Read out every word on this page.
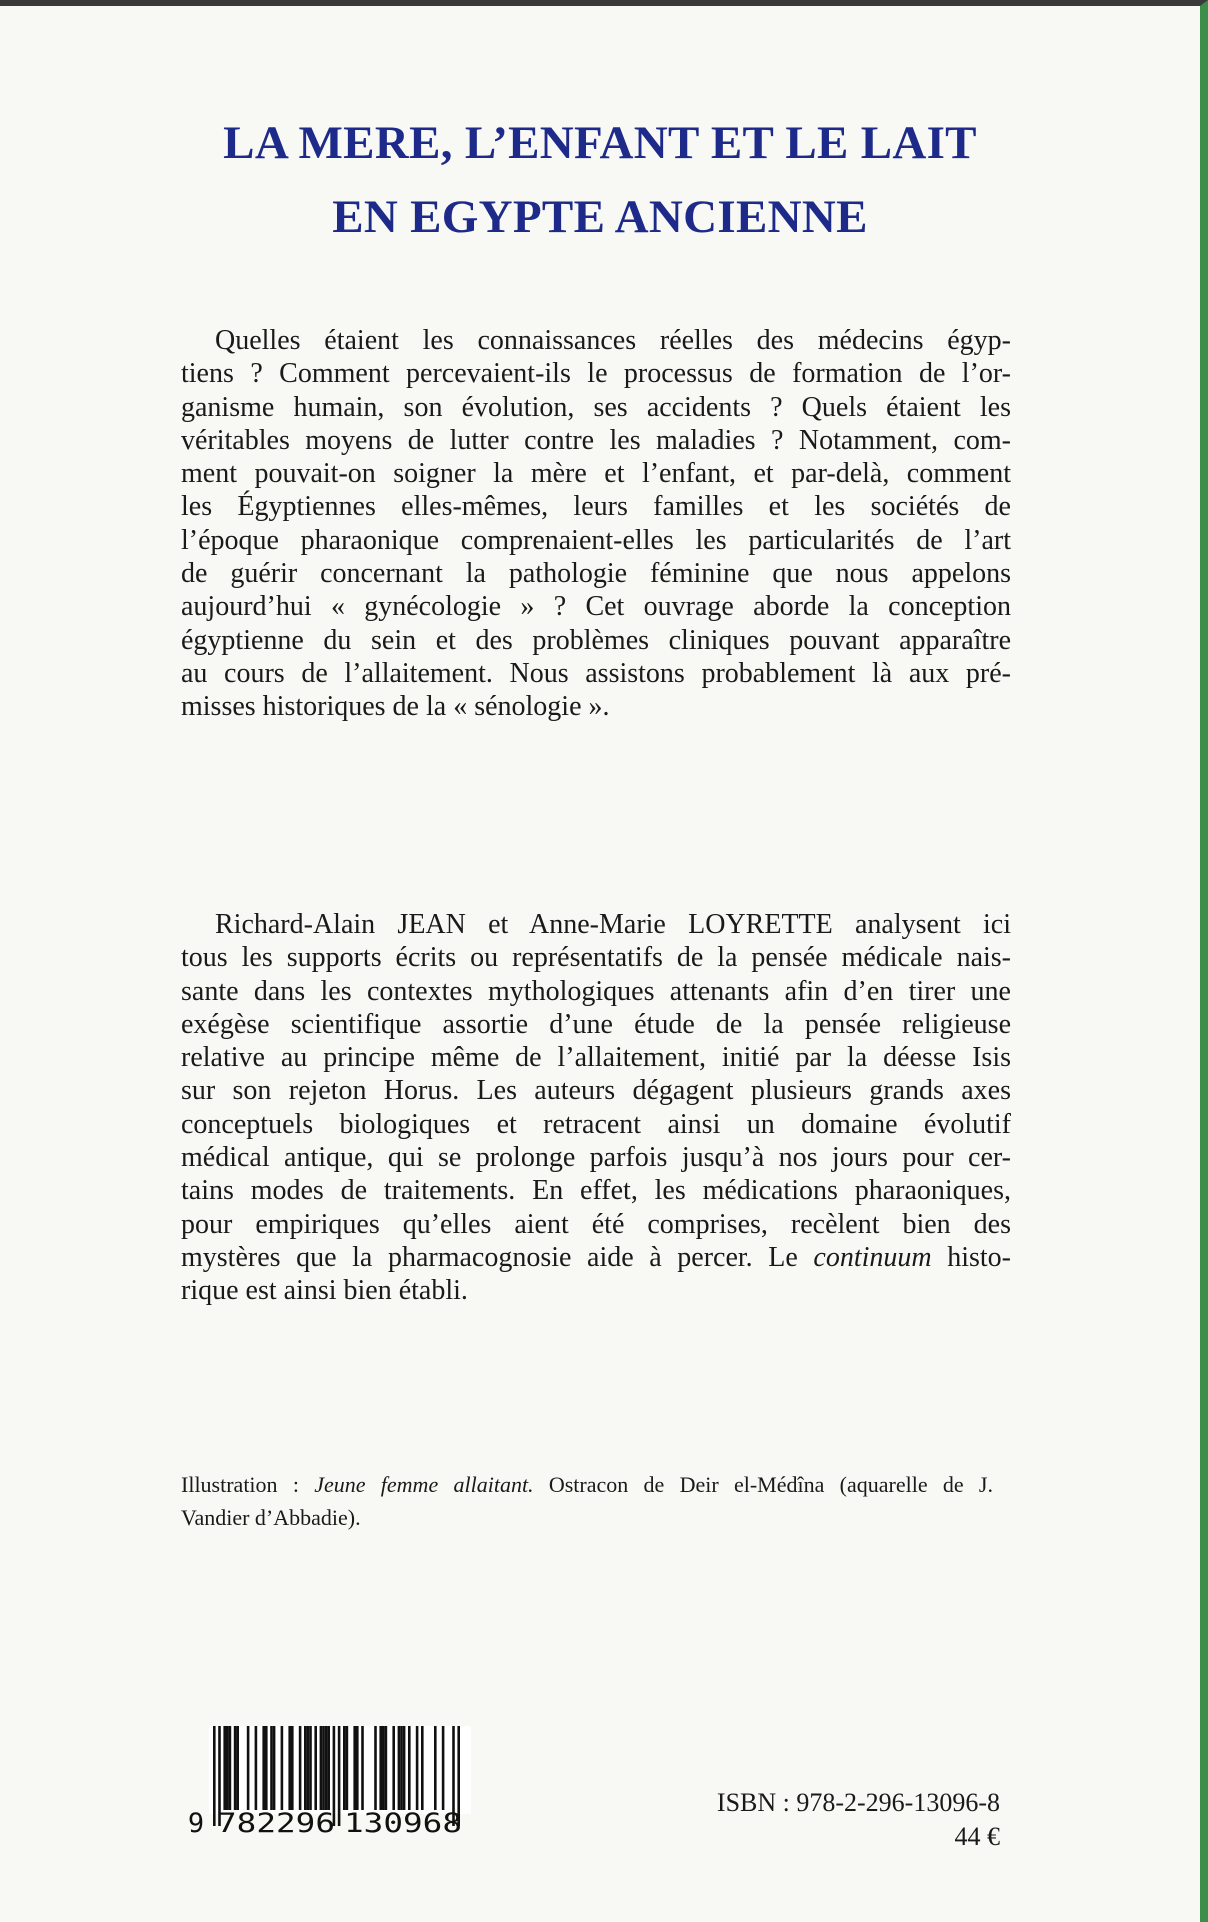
LA MERE, L’ENFANT ET LE LAIT
EN EGYPTE ANCIENNE
Quelles étaient les connaissances réelles des médecins égyp-
tiens ? Comment percevaient-ils le processus de formation de l’or-
ganisme humain, son évolution, ses accidents ? Quels étaient les
véritables moyens de lutter contre les maladies ? Notamment, com-
ment pouvait-on soigner la mère et l’enfant, et par-delà, comment
les Égyptiennes elles-mêmes, leurs familles et les sociétés de
l’époque pharaonique comprenaient-elles les particularités de l’art
de guérir concernant la pathologie féminine que nous appelons
aujourd’hui « gynécologie » ? Cet ouvrage aborde la conception
égyptienne du sein et des problèmes cliniques pouvant apparaître
au cours de l’allaitement. Nous assistons probablement là aux pré-
misses historiques de la « sénologie ».
Richard-Alain JEAN et Anne-Marie LOYRETTE analysent ici
tous les supports écrits ou représentatifs de la pensée médicale nais-
sante dans les contextes mythologiques attenants afin d’en tirer une
exégèse scientifique assortie d’une étude de la pensée religieuse
relative au principe même de l’allaitement, initié par la déesse Isis
sur son rejeton Horus. Les auteurs dégagent plusieurs grands axes
conceptuels biologiques et retracent ainsi un domaine évolutif
médical antique, qui se prolonge parfois jusqu’à nos jours pour cer-
tains modes de traitements. En effet, les médications pharaoniques,
pour empiriques qu’elles aient été comprises, recèlent bien des
mystères que la pharmacognosie aide à percer. Le continuum histo-
rique est ainsi bien établi.
Illustration : Jeune femme allaitant. Ostracon de Deir el-Médîna (aquarelle de J.
Vandier d’Abbadie).
9 782296 130968
ISBN : 978-2-296-13096-8
44 €
